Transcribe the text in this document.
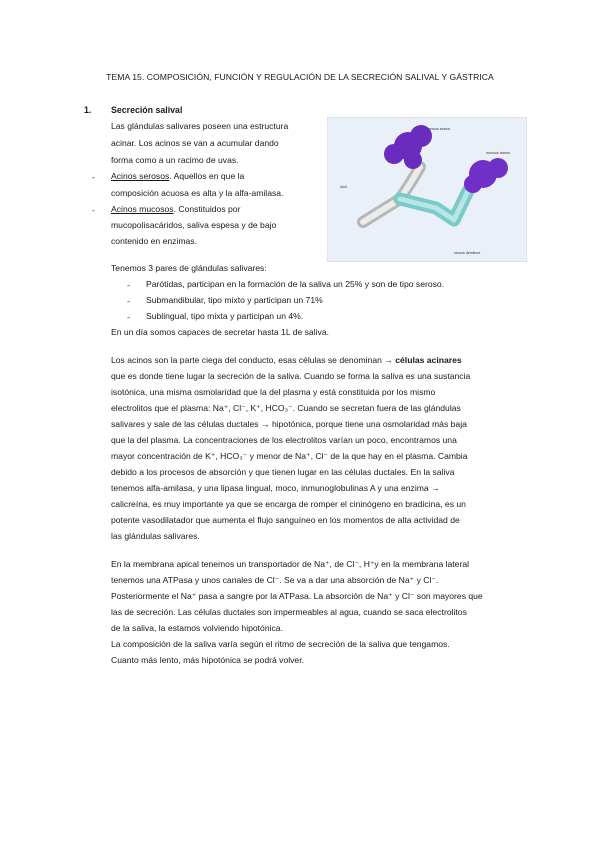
TEMA 15. COMPOSICIÓN, FUNCIÓN Y REGULACIÓN DE LA SECRECIÓN SALIVAL Y GÁSTRICA
1. Secreción salival
Las glándulas salivares poseen una estructura
acinar. Los acinos se van a acumular dando
forma como a un racimo de uvas.
- Acinos serosos. Aquellos en que la
composición acuosa es alta y la alfa-amilasa.
- Acinos mucosos. Constituidos por
mucopolisacáridos, saliva espesa y de bajo
contenido en enzimas.
serous acinus
mucous acinus
duct
serous demilune
Tenemos 3 pares de glándulas salivares:
- Parótidas, participan en la formación de la saliva un 25% y son de tipo seroso.
- Submandibular, tipo mixto y participan un 71%
- Sublingual, tipo mixta y participan un 4%.
En un día somos capaces de secretar hasta 1L de saliva.
Los acinos son la parte ciega del conducto, esas células se denominan → células acinares
que es donde tiene lugar la secreción de la saliva. Cuando se forma la saliva es una sustancia
isotónica, una misma osmolaridad que la del plasma y está constituida por los mismo
electrolitos que el plasma: Na⁺, Cl⁻, K⁺, HCO₃⁻. Cuando se secretan fuera de las glándulas
salivares y sale de las células ductales → hipotónica, porque tiene una osmolaridad más baja
que la del plasma. La concentraciones de los electrolitos varían un poco, encontramos una
mayor concentración de K⁺, HCO₃⁻ y menor de Na⁺, Cl⁻ de la que hay en el plasma. Cambia
debido a los procesos de absorción y que tienen lugar en las células ductales. En la saliva
tenemos alfa-amilasa, y una lipasa lingual, moco, inmunoglobulinas A y una enzima →
calicreína, es muy importante ya que se encarga de romper el cininógeno en bradicina, es un
potente vasodilatador que aumenta el flujo sanguíneo en los momentos de alta actividad de
las glándulas salivares.
En la membrana apical tenemos un transportador de Na⁺, de Cl⁻, H⁺y en la membrana lateral
tenemos una ATPasa y unos canales de Cl⁻. Se va a dar una absorción de Na⁺ y Cl⁻.
Posteriormente el Na⁺ pasa a sangre por la ATPasa. La absorción de Na⁺ y Cl⁻ son mayores que
las de secreción. Las células ductales son impermeables al agua, cuando se saca electrolitos
de la saliva, la estamos volviendo hipotónica.
La composición de la saliva varía según el ritmo de secreción de la saliva que tengamos.
Cuanto más lento, más hipotónica se podrá volver.
